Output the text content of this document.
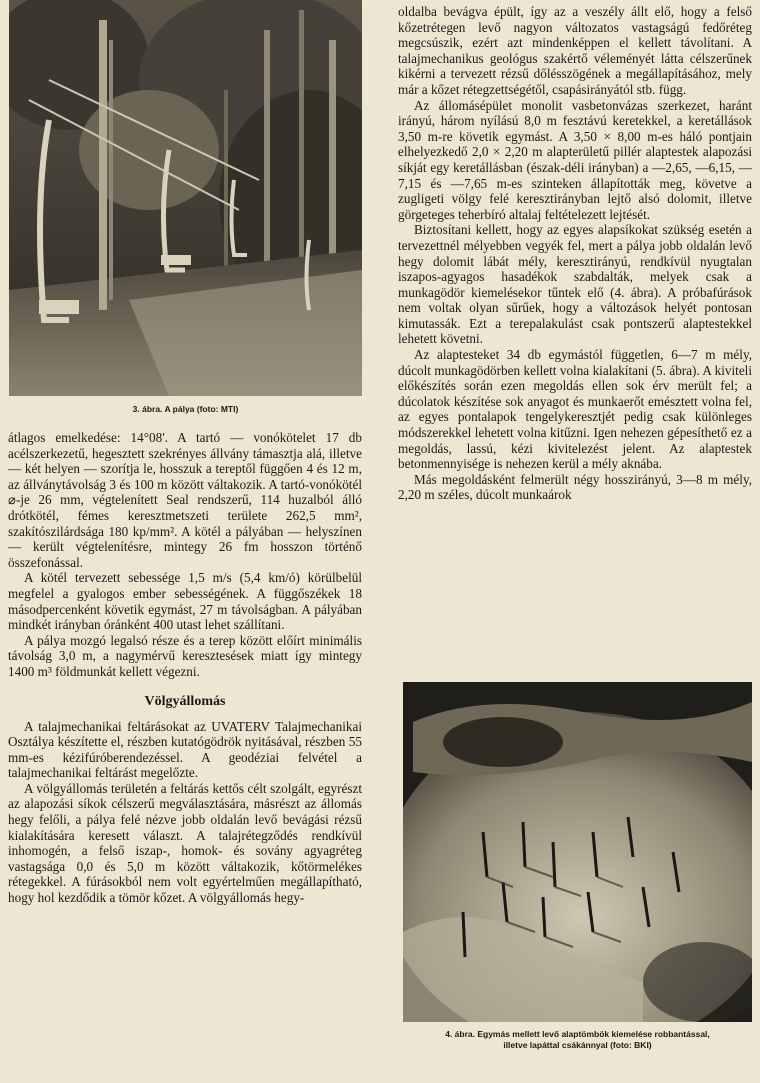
3. ábra. A pálya (foto: MTI)

átlagos emelkedése: 14°08'. A tartó — vonókötelet 17 db acélszerkezetű, hegesztett szekrényes állvány támasztja alá, illetve — két helyen — szorítja le, hosszuk a tereptől függően 4 és 12 m, az állványtávolság 3 és 100 m között váltakozik. A tartó-vonókötél ⌀-je 26 mm, végtelenített Seal rendszerű, 114 huzalból álló drótkötél, fémes keresztmetszeti területe 262,5 mm², szakítószilárdsága 180 kp/mm². A kötél a pályában — helyszínen — került végtelenítésre, mintegy 26 fm hosszon történő összefonással.

A kötél tervezett sebessége 1,5 m/s (5,4 km/ó) körülbelül megfelel a gyalogos ember sebességének. A függőszékek 18 másodpercenként követik egymást, 27 m távolságban. A pályában mindkét irányban óránként 400 utast lehet szállítani.

A pálya mozgó legalsó része és a terep között előírt minimális távolság 3,0 m, a nagymérvű keresztesések miatt így mintegy 1400 m³ földmunkát kellett végezni.

Völgyállomás

A talajmechanikai feltárásokat az UVATERV Talajmechanikai Osztálya készítette el, részben kutatógödrök nyitásával, részben 55 mm-es kézifúróberendezéssel. A geodéziai felvétel a talajmechanikai feltárást megelőzte.

A völgyállomás területén a feltárás kettős célt szolgált, egyrészt az alapozási síkok célszerű megválasztására, másrészt az állomás hegy felőli, a pálya felé nézve jobb oldalán levő bevágási rézsű kialakítására keresett választ. A talajrétegződés rendkívül inhomogén, a felső iszap-, homok- és sovány agyagréteg vastagsága 0,0 és 5,0 m között váltakozik, kőtörmelékes rétegekkel. A fúrásokból nem volt egyértelműen megállapítható, hogy hol kezdődik a tömör kőzet. A völgyállomás hegy-

oldalba bevágva épült, így az a veszély állt elő, hogy a felső kőzetrétegen levő nagyon változatos vastagságú fedőréteg megcsúszik, ezért azt mindenképpen el kellett távolítani. A talajmechanikus geológus szakértő véleményét látta célszerűnek kikérni a tervezett rézsű dőlésszögének a megállapításához, mely már a kőzet rétegzettségétől, csapásirányától stb. függ.

Az állomásépület monolit vasbetonvázas szerkezet, haránt irányú, három nyílású 8,0 m fesztávú keretekkel, a keretállások 3,50 m-re követik egymást. A 3,50 × 8,00 m-es háló pontjain elhelyezkedő 2,0 × 2,20 m alapterületű pillér alaptestek alapozási síkját egy keretállásban (észak-déli irányban) a —2,65, —6,15, —7,15 és —7,65 m-es szinteken állapították meg, követve a zugligeti völgy felé keresztirányban lejtő alsó dolomit, illetve görgeteges teherbíró altalaj feltételezett lejtését.

Biztosítani kellett, hogy az egyes alapsíkokat szükség esetén a tervezettnél mélyebben vegyék fel, mert a pálya jobb oldalán levő hegy dolomit lábát mély, keresztirányú, rendkívül nyugtalan iszapos-agyagos hasadékok szabdalták, melyek csak a munkagödör kiemelésekor tűntek elő (4. ábra). A próbafúrások nem voltak olyan sűrűek, hogy a változások helyét pontosan kimutassák. Ezt a terepalakulást csak pontszerű alaptestekkel lehetett követni.

Az alaptesteket 34 db egymástól független, 6—7 m mély, dúcolt munkagödörben kellett volna kialakítani (5. ábra). A kiviteli előkészítés során ezen megoldás ellen sok érv merült fel; a dúcolatok készítése sok anyagot és munkaerőt emésztett volna fel, az egyes pontalapok tengelykeresztjét pedig csak különleges módszerekkel lehetett volna kitűzni. Igen nehezen gépesíthető ez a megoldás, lassú, kézi kivitelezést jelent. Az alaptestek betonmennyisége is nehezen kerül a mély aknába.

Más megoldásként felmerült négy hosszirányú, 3—8 m mély, 2,20 m széles, dúcolt munkaárok

4. ábra. Egymás mellett levő alaptömbök kiemelése robbantással,
illetve lapáttal csákánnyal (foto: BKI)
